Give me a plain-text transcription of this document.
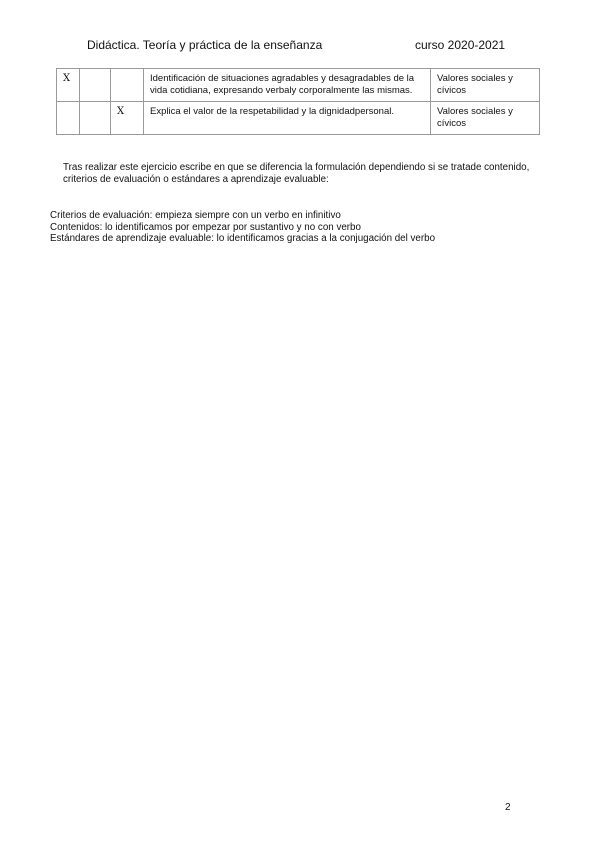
Didáctica. Teoría y práctica de la enseñanza	curso 2020-2021
X			Identificación de situaciones agradables y desagradables de la vida cotidiana, expresando verbaly corporalmente las mismas.	Valores sociales y cívicos
		X	Explica el valor de la respetabilidad y la dignidadpersonal.	Valores sociales y cívicos
Tras realizar este ejercicio escribe en que se diferencia la formulación dependiendo si se tratade contenido, criterios de evaluación o estándares a aprendizaje evaluable:
Criterios de evaluación: empieza siempre con un verbo en infinitivo
Contenidos: lo identificamos por empezar por sustantivo y no con verbo
Estándares de aprendizaje evaluable: lo identificamos gracias a la conjugación del verbo
2
